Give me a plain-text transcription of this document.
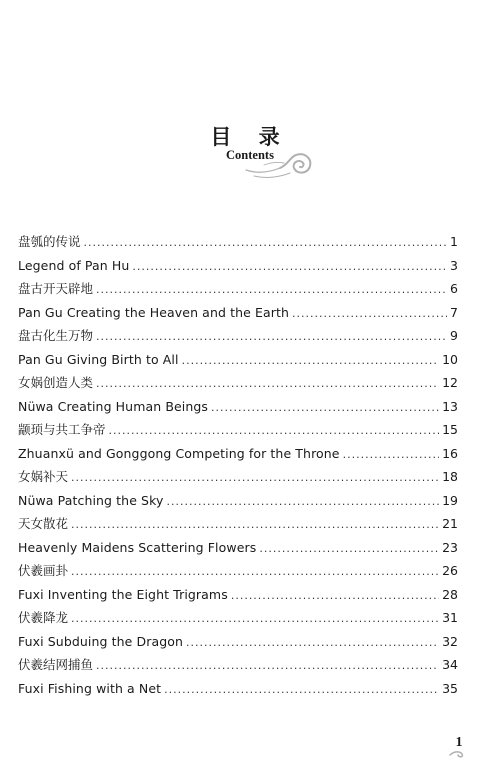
目 录
Contents
盘瓠的传说 .....	1
Legend of Pan Hu .....	3
盘古开天辟地 .....	6
Pan Gu Creating the Heaven and the Earth .....	7
盘古化生万物 .....	9
Pan Gu Giving Birth to All .....	10
女娲创造人类 .....	12
Nüwa Creating Human Beings .....	13
颛顼与共工争帝 .....	15
Zhuanxü and Gonggong Competing for the Throne .....	16
女娲补天 .....	18
Nüwa Patching the Sky .....	19
天女散花 .....	21
Heavenly Maidens Scattering Flowers .....	23
伏羲画卦 .....	26
Fuxi Inventing the Eight Trigrams .....	28
伏羲降龙 .....	31
Fuxi Subduing the Dragon .....	32
伏羲结网捕鱼 .....	34
Fuxi Fishing with a Net .....	35
1
